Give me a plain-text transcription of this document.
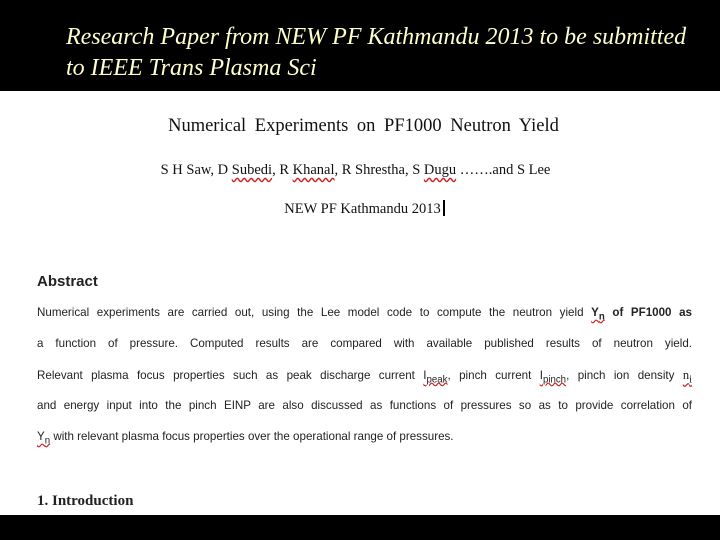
Research Paper from NEW PF Kathmandu 2013 to be submitted to IEEE Trans Plasma Sci
Numerical Experiments on PF1000 Neutron Yield
S H Saw, D Subedi, R Khanal, R Shrestha, S Dugu …….and S Lee
NEW PF Kathmandu 2013
Abstract
Numerical experiments are carried out, using the Lee model code to compute the neutron yield $Y_n$ of PF1000 as
a function of pressure. Computed results are compared with available published results of neutron yield.
Relevant plasma focus properties such as peak discharge current $I_{peak}$, pinch current $I_{pinch}$, pinch ion density $n_i$
and energy input into the pinch EINP are also discussed as functions of pressures so as to provide correlation of
$Y_n$ with relevant plasma focus properties over the operational range of pressures.
1. Introduction
